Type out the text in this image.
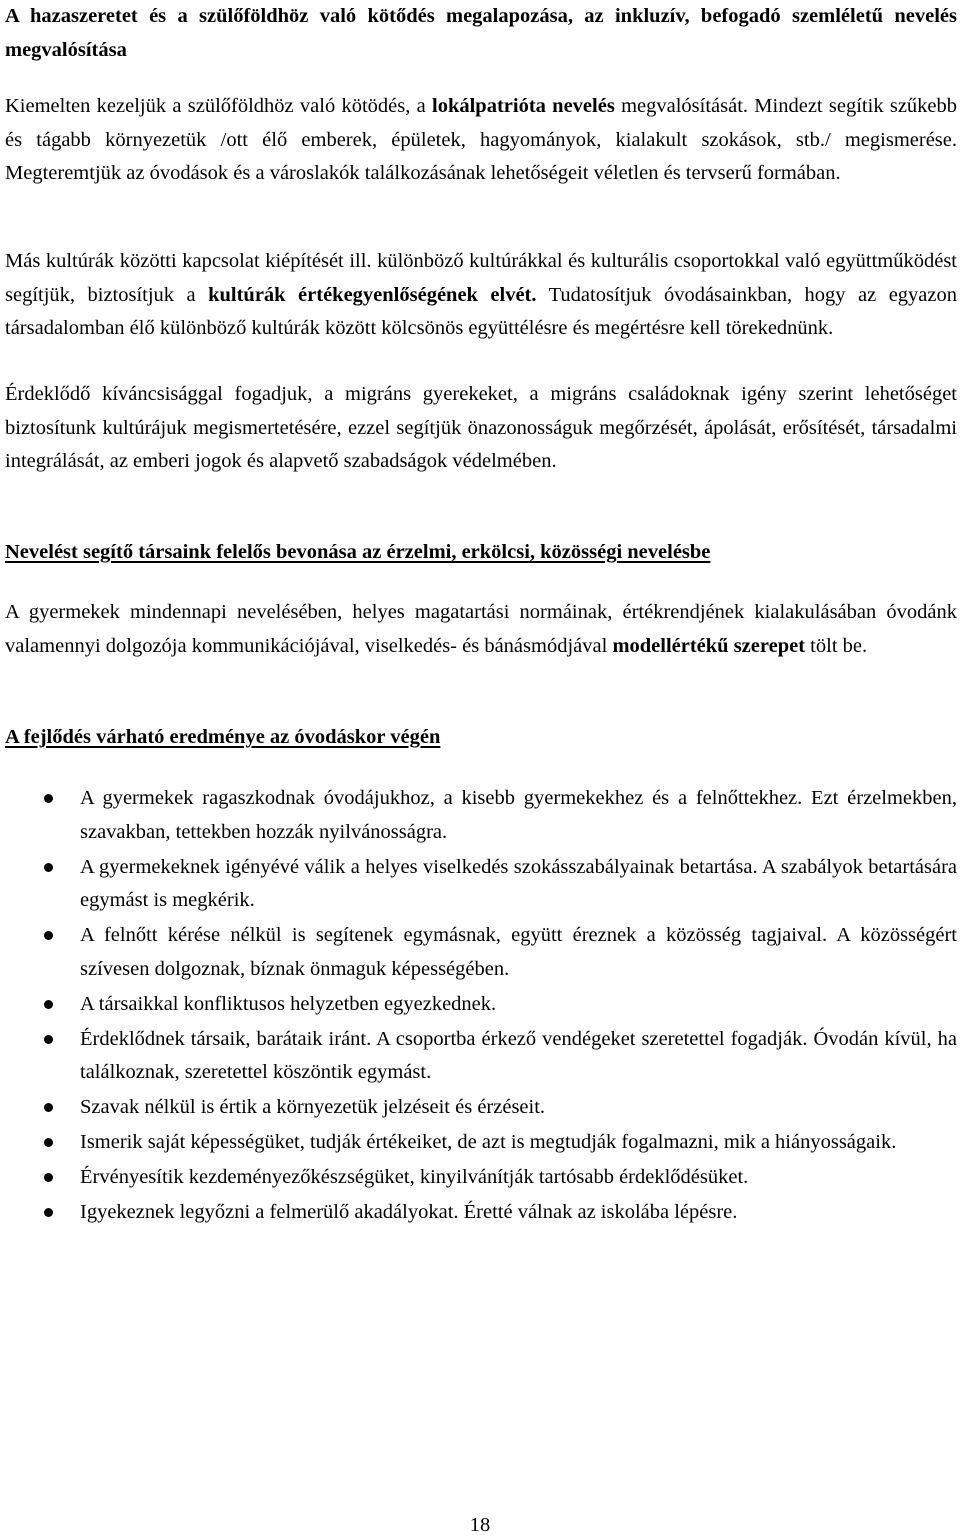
A hazaszeretet és a szülőföldhöz való kötődés megalapozása, az inkluzív, befogadó szemléletű nevelés megvalósítása

Kiemelten kezeljük a szülőföldhöz való kötödés, a lokálpatrióta nevelés megvalósítását. Mindezt segítik szűkebb és tágabb környezetük /ott élő emberek, épületek, hagyományok, kialakult szokások, stb./ megismerése. Megteremtjük az óvodások és a városlakók találkozásának lehetőségeit véletlen és tervserű formában.

Más kultúrák közötti kapcsolat kiépítését ill. különböző kultúrákkal és kulturális csoportokkal való együttműködést segítjük, biztosítjuk a kultúrák értékegyenlőségének elvét. Tudatosítjuk óvodásainkban, hogy az egyazon társadalomban élő különböző kultúrák között kölcsönös együttélésre és megértésre kell törekednünk.

Érdeklődő kíváncsisággal fogadjuk, a migráns gyerekeket, a migráns családoknak igény szerint lehetőséget biztosítunk kultúrájuk megismertetésére, ezzel segítjük önazonosságuk megőrzését, ápolását, erősítését, társadalmi integrálását, az emberi jogok és alapvető szabadságok védelmében.

Nevelést segítő társaink felelős bevonása az érzelmi, erkölcsi, közösségi nevelésbe

A gyermekek mindennapi nevelésében, helyes magatartási normáinak, értékrendjének kialakulásában óvodánk valamennyi dolgozója kommunikációjával, viselkedés- és bánásmódjával modellértékű szerepet tölt be.

A fejlődés várható eredménye az óvodáskor végén

A gyermekek ragaszkodnak óvodájukhoz, a kisebb gyermekekhez és a felnőttekhez. Ezt érzelmekben, szavakban, tettekben hozzák nyilvánosságra.
A gyermekeknek igényévé válik a helyes viselkedés szokásszabályainak betartása. A szabályok betartására egymást is megkérik.
A felnőtt kérése nélkül is segítenek egymásnak, együtt éreznek a közösség tagjaival. A közösségért szívesen dolgoznak, bíznak önmaguk képességében.
A társaikkal konfliktusos helyzetben egyezkednek.
Érdeklődnek társaik, barátaik iránt. A csoportba érkező vendégeket szeretettel fogadják. Óvodán kívül, ha találkoznak, szeretettel köszöntik egymást.
Szavak nélkül is értik a környezetük jelzéseit és érzéseit.
Ismerik saját képességüket, tudják értékeiket, de azt is megtudják fogalmazni, mik a hiányosságaik.
Érvényesítik kezdeményezőkészségüket, kinyilvánítják tartósabb érdeklődésüket.
Igyekeznek legyőzni a felmerülő akadályokat. Éretté válnak az iskolába lépésre.
18
